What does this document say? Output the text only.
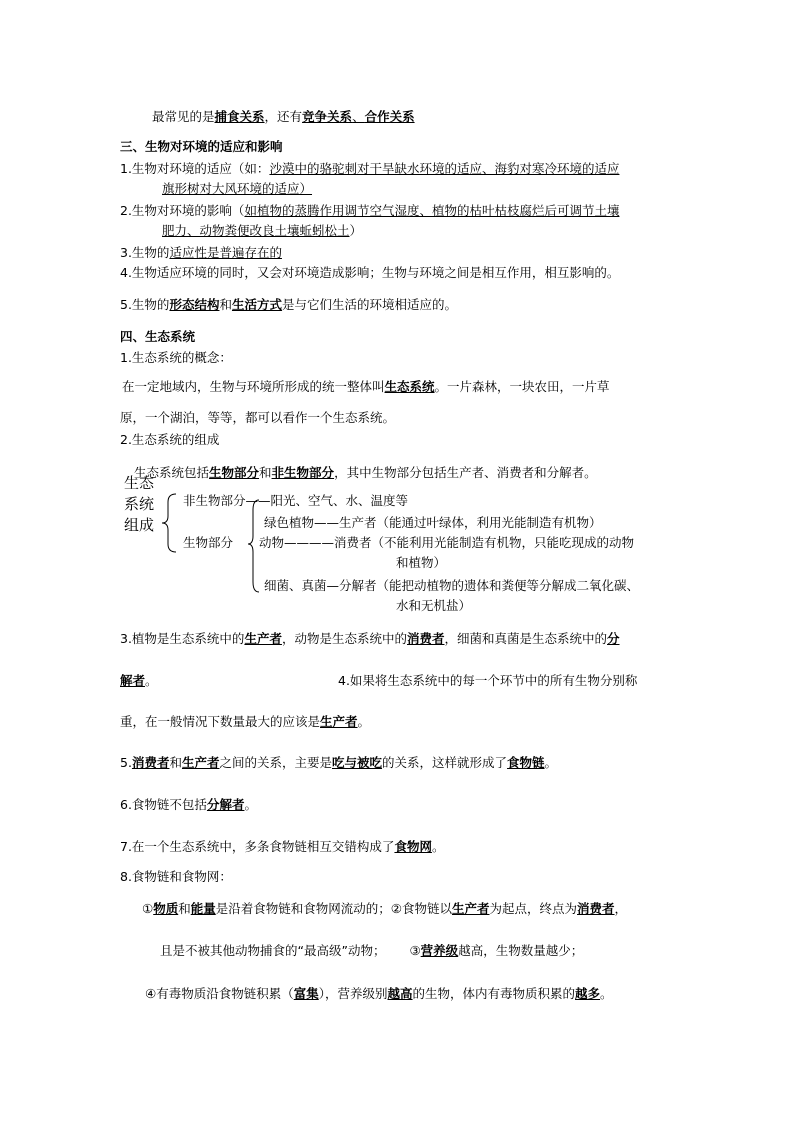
最常见的是捕食关系，还有竞争关系、合作关系
三、生物对环境的适应和影响
1.生物对环境的适应（如：沙漠中的骆驼刺对干旱缺水环境的适应、海豹对寒冷环境的适应
旗形树对大风环境的适应）
2.生物对环境的影响（如植物的蒸腾作用调节空气湿度、植物的枯叶枯枝腐烂后可调节土壤
肥力、动物粪便改良土壤蚯蚓松土）
3.生物的适应性是普遍存在的
4.生物适应环境的同时，又会对环境造成影响；生物与环境之间是相互作用，相互影响的。
5.生物的形态结构和生活方式是与它们生活的环境相适应的。
四、生态系统
1.生态系统的概念：
在一定地域内，生物与环境所形成的统一整体叫生态系统。一片森林，一块农田，一片草
原，一个湖泊，等等，都可以看作一个生态系统。
2.生态系统的组成
生态系统包括生物部分和非生物部分，其中生物部分包括生产者、消费者和分解者。
生态
系统
组成
非生物部分——阳光、空气、水、温度等
生物部分
绿色植物——生产者（能通过叶绿体，利用光能制造有机物）
动物————消费者（不能利用光能制造有机物，只能吃现成的动物
和植物）
细菌、真菌—分解者（能把动植物的遗体和粪便等分解成二氧化碳、
水和无机盐）
3.植物是生态系统中的生产者，动物是生态系统中的消费者，细菌和真菌是生态系统中的分
解者。	4.如果将生态系统中的每一个环节中的所有生物分别称
重，在一般情况下数量最大的应该是生产者。
5.消费者和生产者之间的关系，主要是吃与被吃的关系，这样就形成了食物链。
6.食物链不包括分解者。
7.在一个生态系统中，多条食物链相互交错构成了食物网。
8.食物链和食物网：
①物质和能量是沿着食物链和食物网流动的；②食物链以生产者为起点，终点为消费者，
且是不被其他动物捕食的“最高级”动物； ③营养级越高，生物数量越少；
④有毒物质沿食物链积累（富集），营养级别越高的生物，体内有毒物质积累的越多。
